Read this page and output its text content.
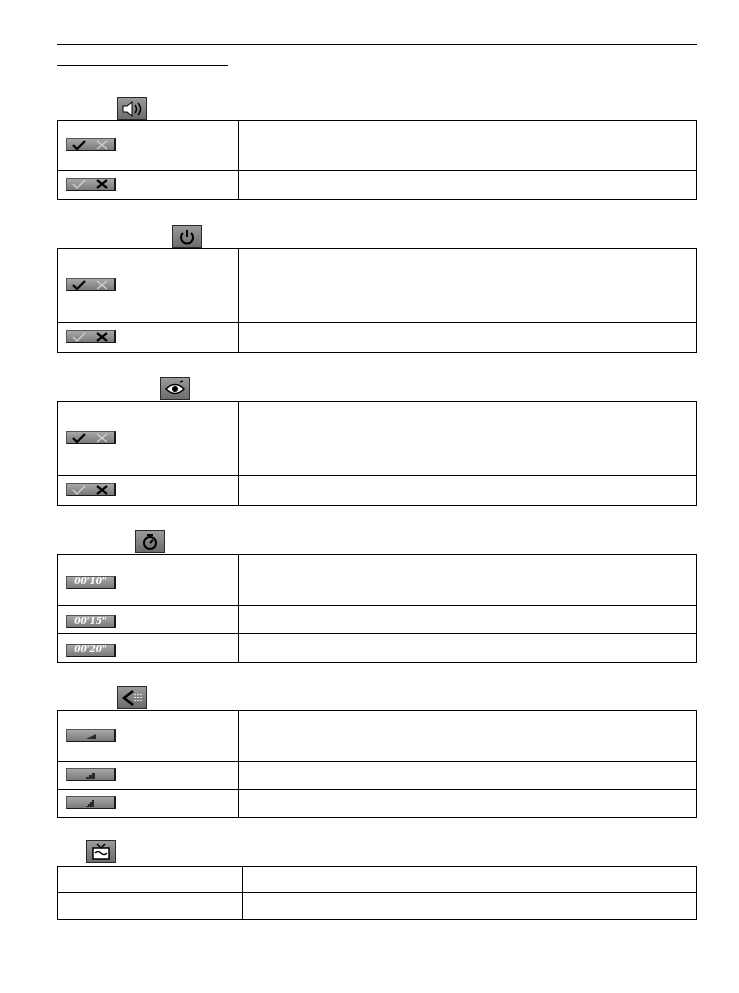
00'10"	
00'15"	
00'20"	
